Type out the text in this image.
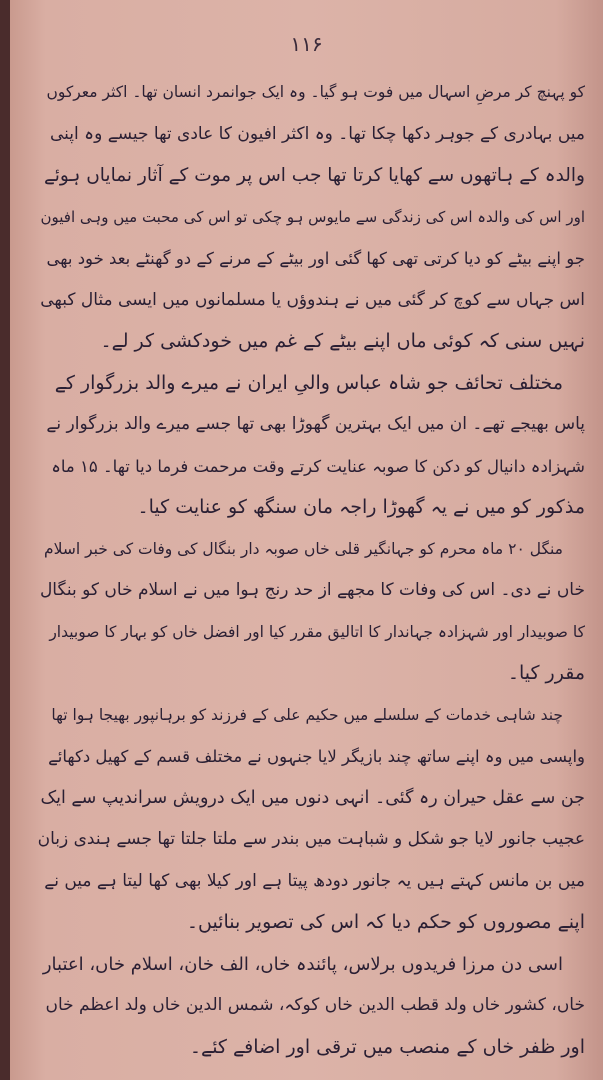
۱۱۶
کو پہنچ کر مرضِ اسہال میں فوت ہو گیا۔ وہ ایک جوانمرد انسان تھا۔ اکثر معرکوں
میں بہادری کے جوہر دکھا چکا تھا۔ وہ اکثر افیون کا عادی تھا جیسے وہ اپنی
والدہ کے ہاتھوں سے کھایا کرتا تھا جب اس پر موت کے آثار نمایاں ہوئے
اور اس کی والدہ اس کی زندگی سے مایوس ہو چکی تو اس کی محبت میں وہی افیون
جو اپنے بیٹے کو دیا کرتی تھی کھا گئی اور بیٹے کے مرنے کے دو گھنٹے بعد خود بھی
اس جہاں سے کوچ کر گئی میں نے ہندوؤں یا مسلمانوں میں ایسی مثال کبھی
نہیں سنی کہ کوئی ماں اپنے بیٹے کے غم میں خودکشی کر لے۔
مختلف تحائف جو شاہ عباس والیِ ایران نے میرے والد بزرگوار کے
پاس بھیجے تھے۔ ان میں ایک بہترین گھوڑا بھی تھا جسے میرے والد بزرگوار نے
شہزادہ دانیال کو دکن کا صوبہ عنایت کرتے وقت مرحمت فرما دیا تھا۔ ۱۵ ماہ
مذکور کو میں نے یہ گھوڑا راجہ مان سنگھ کو عنایت کیا۔
منگل ۲۰ ماہ محرم کو جہانگیر قلی خاں صوبہ دار بنگال کی وفات کی خبر اسلام
خاں نے دی۔ اس کی وفات کا مجھے از حد رنج ہوا میں نے اسلام خاں کو بنگال
کا صوبیدار اور شہزادہ جہاندار کا اتالیق مقرر کیا اور افضل خاں کو بہار کا صوبیدار
مقرر کیا۔
چند شاہی خدمات کے سلسلے میں حکیم علی کے فرزند کو برہانپور بھیجا ہوا تھا
واپسی میں وہ اپنے ساتھ چند بازیگر لایا جنہوں نے مختلف قسم کے کھیل دکھائے
جن سے عقل حیران رہ گئی۔ انہی دنوں میں ایک درویش سراندیپ سے ایک
عجیب جانور لایا جو شکل و شباہت میں بندر سے ملتا جلتا تھا جسے ہندی زبان
میں بن مانس کہتے ہیں یہ جانور دودھ پیتا ہے اور کیلا بھی کھا لیتا ہے میں نے
اپنے مصوروں کو حکم دیا کہ اس کی تصویر بنائیں۔
اسی دن مرزا فریدوں برلاس، پائندہ خاں، الف خان، اسلام خاں، اعتبار
خاں، کشور خاں ولد قطب الدین خاں کوکہ، شمس الدین خاں ولد اعظم خاں
اور ظفر خاں کے منصب میں ترقی اور اضافے کئے۔
